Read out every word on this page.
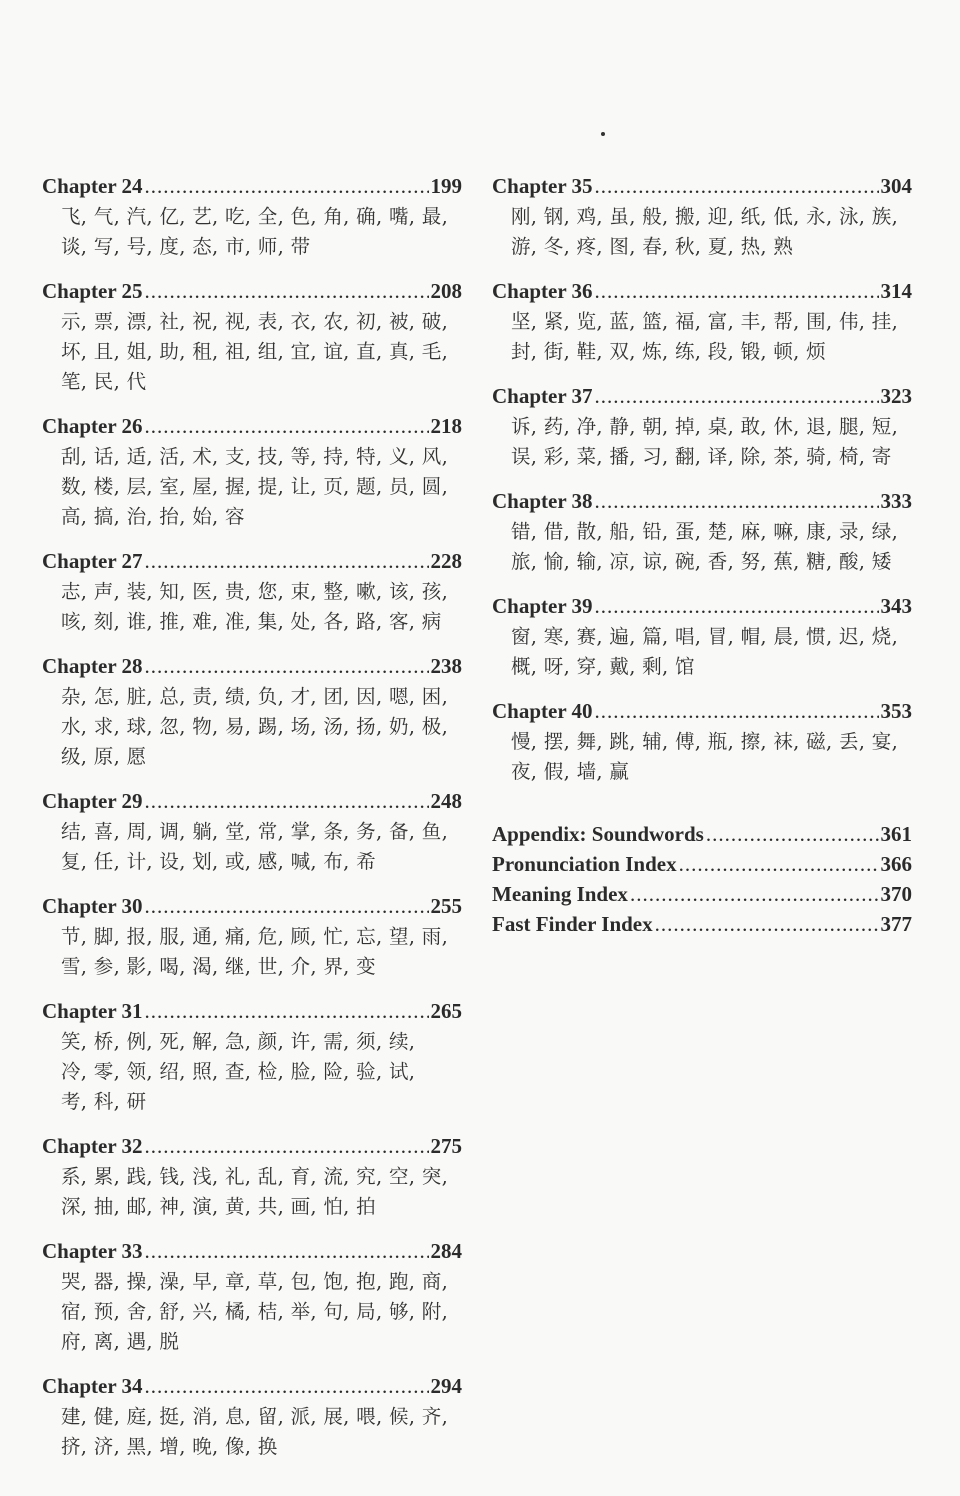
Chapter 24 .....	199
飞, 气, 汽, 亿, 艺, 吃, 全, 色, 角, 确, 嘴, 最,
谈, 写, 号, 度, 态, 市, 师, 带
Chapter 25 .....	208
示, 票, 漂, 社, 祝, 视, 表, 衣, 农, 初, 被, 破,
坏, 且, 姐, 助, 租, 祖, 组, 宜, 谊, 直, 真, 毛,
笔, 民, 代
Chapter 26 .....	218
刮, 话, 适, 活, 术, 支, 技, 等, 持, 特, 义, 风,
数, 楼, 层, 室, 屋, 握, 提, 让, 页, 题, 员, 圆,
高, 搞, 治, 抬, 始, 容
Chapter 27 .....	228
志, 声, 装, 知, 医, 贵, 您, 束, 整, 嗽, 该, 孩,
咳, 刻, 谁, 推, 难, 准, 集, 处, 各, 路, 客, 病
Chapter 28 .....	238
杂, 怎, 脏, 总, 责, 绩, 负, 才, 团, 因, 嗯, 困,
水, 求, 球, 忽, 物, 易, 踢, 场, 汤, 扬, 奶, 极,
级, 原, 愿
Chapter 29 .....	248
结, 喜, 周, 调, 躺, 堂, 常, 掌, 条, 务, 备, 鱼,
复, 任, 计, 设, 划, 或, 感, 喊, 布, 希
Chapter 30 .....	255
节, 脚, 报, 服, 通, 痛, 危, 顾, 忙, 忘, 望, 雨,
雪, 参, 影, 喝, 渴, 继, 世, 介, 界, 变
Chapter 31 .....	265
笑, 桥, 例, 死, 解, 急, 颜, 许, 需, 须, 续,
冷, 零, 领, 绍, 照, 查, 检, 脸, 险, 验, 试,
考, 科, 研
Chapter 32 .....	275
系, 累, 践, 钱, 浅, 礼, 乱, 育, 流, 究, 空, 突,
深, 抽, 邮, 神, 演, 黄, 共, 画, 怕, 拍
Chapter 33 .....	284
哭, 器, 操, 澡, 早, 章, 草, 包, 饱, 抱, 跑, 商,
宿, 预, 舍, 舒, 兴, 橘, 桔, 举, 句, 局, 够, 附,
府, 离, 遇, 脱
Chapter 34 .....	294
建, 健, 庭, 挺, 消, 息, 留, 派, 展, 喂, 候, 齐,
挤, 济, 黑, 增, 晚, 像, 换
Chapter 35 .....	304
刚, 钢, 鸡, 虽, 般, 搬, 迎, 纸, 低, 永, 泳, 族,
游, 冬, 疼, 图, 春, 秋, 夏, 热, 熟
Chapter 36 .....	314
坚, 紧, 览, 蓝, 篮, 福, 富, 丰, 帮, 围, 伟, 挂,
封, 街, 鞋, 双, 炼, 练, 段, 锻, 顿, 烦
Chapter 37 .....	323
诉, 药, 净, 静, 朝, 掉, 桌, 敢, 休, 退, 腿, 短,
误, 彩, 菜, 播, 习, 翻, 译, 除, 茶, 骑, 椅, 寄
Chapter 38 .....	333
错, 借, 散, 船, 铅, 蛋, 楚, 麻, 嘛, 康, 录, 绿,
旅, 愉, 输, 凉, 谅, 碗, 香, 努, 蕉, 糖, 酸, 矮
Chapter 39 .....	343
窗, 寒, 赛, 遍, 篇, 唱, 冒, 帽, 晨, 惯, 迟, 烧,
概, 呀, 穿, 戴, 剩, 馆
Chapter 40 .....	353
慢, 摆, 舞, 跳, 辅, 傅, 瓶, 擦, 袜, 磁, 丢, 宴,
夜, 假, 墙, 赢
Appendix: Soundwords .....	361
Pronunciation Index .....	366
Meaning Index .....	370
Fast Finder Index .....	377
